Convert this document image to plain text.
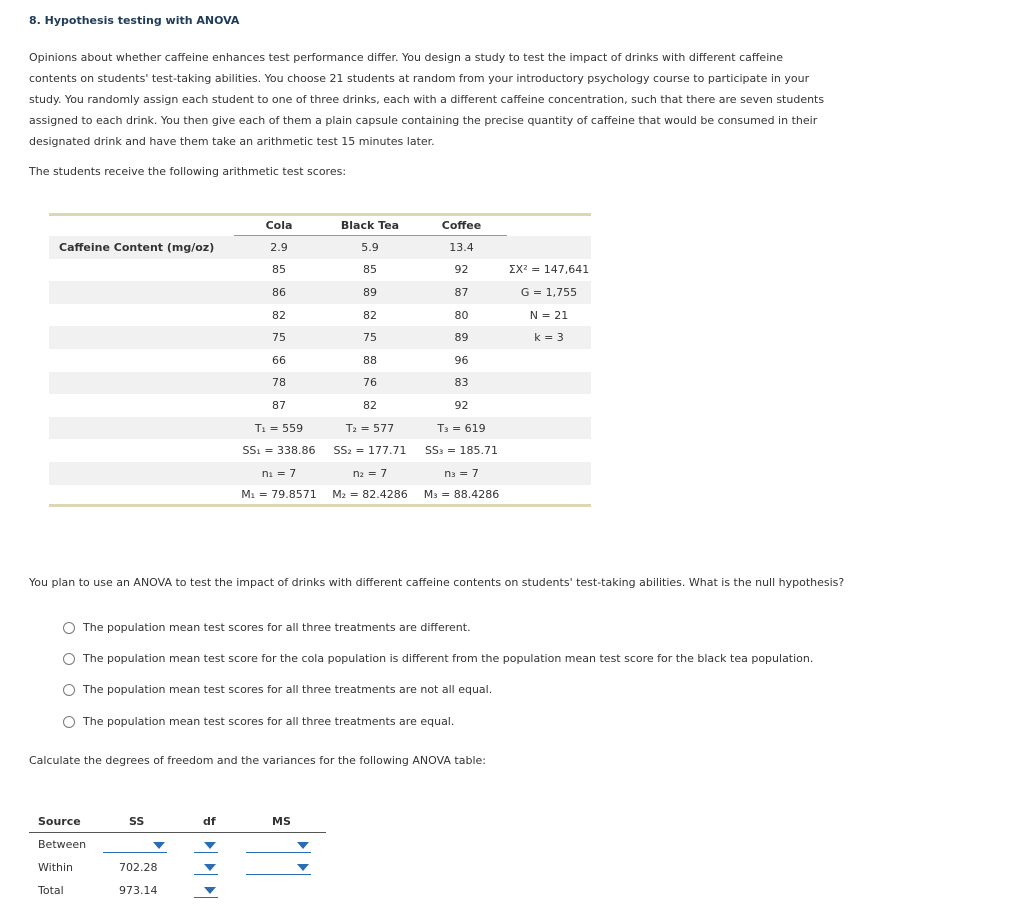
8. Hypothesis testing with ANOVA
Opinions about whether caffeine enhances test performance differ. You design a study to test the impact of drinks with different caffeine contents on students' test-taking abilities. You choose 21 students at random from your introductory psychology course to participate in your study. You randomly assign each student to one of three drinks, each with a different caffeine concentration, such that there are seven students assigned to each drink. You then give each of them a plain capsule containing the precise quantity of caffeine that would be consumed in their designated drink and have them take an arithmetic test 15 minutes later.
The students receive the following arithmetic test scores:
	Cola	Black Tea	Coffee	
Caffeine Content (mg/oz)	2.9	5.9	13.4	
	85	85	92	ΣX² = 147,641
	86	89	87	G = 1,755
	82	82	80	N = 21
	75	75	89	k = 3
	66	88	96	
	78	76	83	
	87	82	92	
	T₁ = 559	T₂ = 577	T₃ = 619	
	SS₁ = 338.86	SS₂ = 177.71	SS₃ = 185.71	
	n₁ = 7	n₂ = 7	n₃ = 7	
	M₁ = 79.8571	M₂ = 82.4286	M₃ = 88.4286	
You plan to use an ANOVA to test the impact of drinks with different caffeine contents on students' test-taking abilities. What is the null hypothesis?
The population mean test scores for all three treatments are different.
The population mean test score for the cola population is different from the population mean test score for the black tea population.
The population mean test scores for all three treatments are not all equal.
The population mean test scores for all three treatments are equal.
Calculate the degrees of freedom and the variances for the following ANOVA table:
Source	SS	df	MS
Between
Within	702.28
Total	973.14
